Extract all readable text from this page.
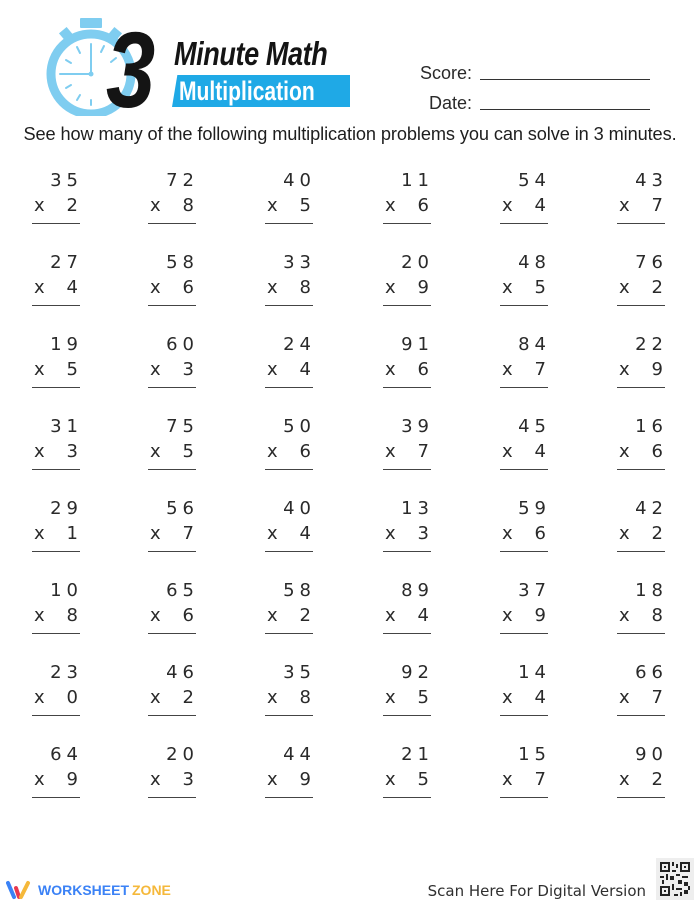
3 Minute Math
Multiplication
Score:
Date:
See how many of the following multiplication problems you can solve in 3 minutes.
35
x 2
72
x 8
40
x 5
11
x 6
54
x 4
43
x 7
27
x 4
58
x 6
33
x 8
20
x 9
48
x 5
76
x 2
19
x 5
60
x 3
24
x 4
91
x 6
84
x 7
22
x 9
31
x 3
75
x 5
50
x 6
39
x 7
45
x 4
16
x 6
29
x 1
56
x 7
40
x 4
13
x 3
59
x 6
42
x 2
10
x 8
65
x 6
58
x 2
89
x 4
37
x 9
18
x 8
23
x 0
46
x 2
35
x 8
92
x 5
14
x 4
66
x 7
64
x 9
20
x 3
44
x 9
21
x 5
15
x 7
90
x 2
WORKSHEET ZONE	Scan Here For Digital Version
